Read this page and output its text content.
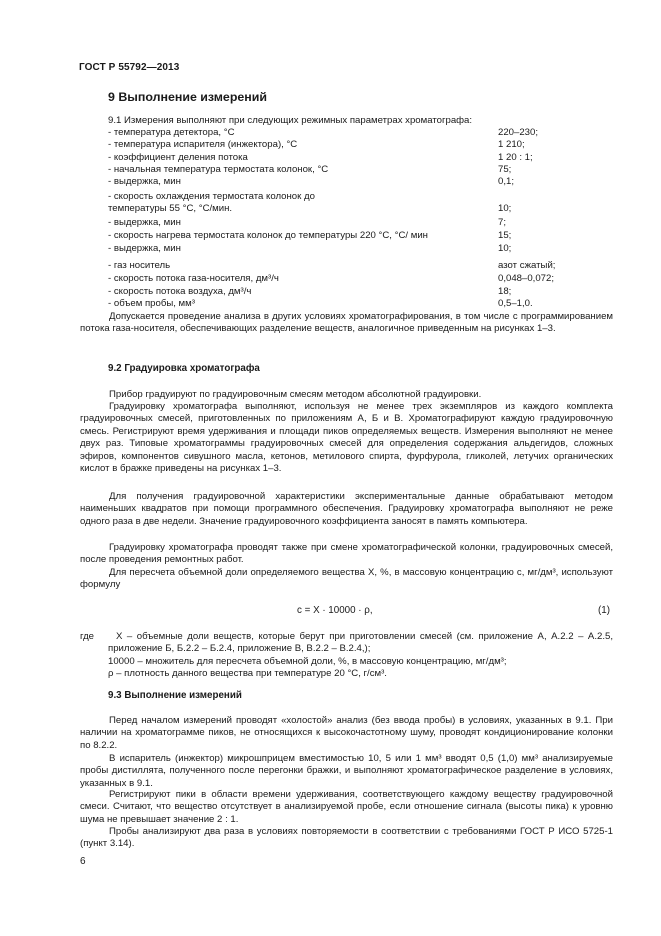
ГОСТ Р 55792—2013
9 Выполнение измерений
9.1 Измерения выполняют при следующих режимных параметрах хроматографа:
- температура детектора, °С	220–230;
- температура испарителя (инжектора), °С	1 210;
- коэффициент деления потока	1 20 : 1;
- начальная температура термостата колонок, °С	75;
- выдержка, мин	0,1;
- скорость охлаждения термостата колонок до
температуры 55 °С, °С/мин.	10;
- выдержка, мин	7;
- скорость нагрева термостата колонок до температуры 220 °С, °С/ мин	15;
- выдержка, мин	10;
- газ носитель	азот сжатый;
- скорость потока газа-носителя, дм³/ч	0,048–0,072;
- скорость потока воздуха, дм³/ч	18;
- объем пробы, мм³	0,5–1,0.
Допускается проведение анализа в других условиях хроматографирования, в том числе с программированием потока газа-носителя, обеспечивающих разделение веществ, аналогичное приведенным на рисунках 1–3.
9.2 Градуировка хроматографа
Прибор градуируют по градуировочным смесям методом абсолютной градуировки.
Градуировку хроматографа выполняют, используя не менее трех экземпляров из каждого комплекта градуировочных смесей, приготовленных по приложениям А, Б и В. Хроматографируют каждую градуировочную смесь. Регистрируют время удерживания и площади пиков определяемых веществ. Измерения выполняют не менее двух раз. Типовые хроматограммы градуировочных смесей для определения содержания альдегидов, сложных эфиров, компонентов сивушного масла, кетонов, метилового спирта, фурфурола, гликолей, летучих органических кислот в бражке приведены на рисунках 1–3.
Для получения градуировочной характеристики экспериментальные данные обрабатывают методом наименьших квадратов при помощи программного обеспечения. Градуировку хроматографа выполняют не реже одного раза в две недели. Значение градуировочного коэффициента заносят в память компьютера.
Градуировку хроматографа проводят также при смене хроматографической колонки, градуировочных смесей, после проведения ремонтных работ.
Для пересчета объемной доли определяемого вещества X, %, в массовую концентрацию с, мг/дм³, используют формулу
с = X · 10000 · ρ,	(1)
где	X – объемные доли веществ, которые берут при приготовлении смесей (см. приложение А, А.2.2 – А.2.5, приложение Б, Б.2.2 – Б.2.4, приложение В, В.2.2 – В.2.4,);
10000 – множитель для пересчета объемной доли, %, в массовую концентрацию, мг/дм³;
ρ – плотность данного вещества при температуре 20 °С, г/см³.
9.3 Выполнение измерений
Перед началом измерений проводят «холостой» анализ (без ввода пробы) в условиях, указанных в 9.1. При наличии на хроматограмме пиков, не относящихся к высокочастотному шуму, проводят кондиционирование колонки по 8.2.2.
В испаритель (инжектор) микрошприцем вместимостью 10, 5 или 1 мм³ вводят 0,5 (1,0) мм³ анализируемые пробы дистиллята, полученного после перегонки бражки, и выполняют хроматографическое разделение в условиях, указанных в 9.1.
Регистрируют пики в области времени удерживания, соответствующего каждому веществу градуировочной смеси. Считают, что вещество отсутствует в анализируемой пробе, если отношение сигнала (высоты пика) к уровню шума не превышает значение 2 : 1.
Пробы анализируют два раза в условиях повторяемости в соответствии с требованиями ГОСТ Р ИСО 5725-1 (пункт 3.14).
6
